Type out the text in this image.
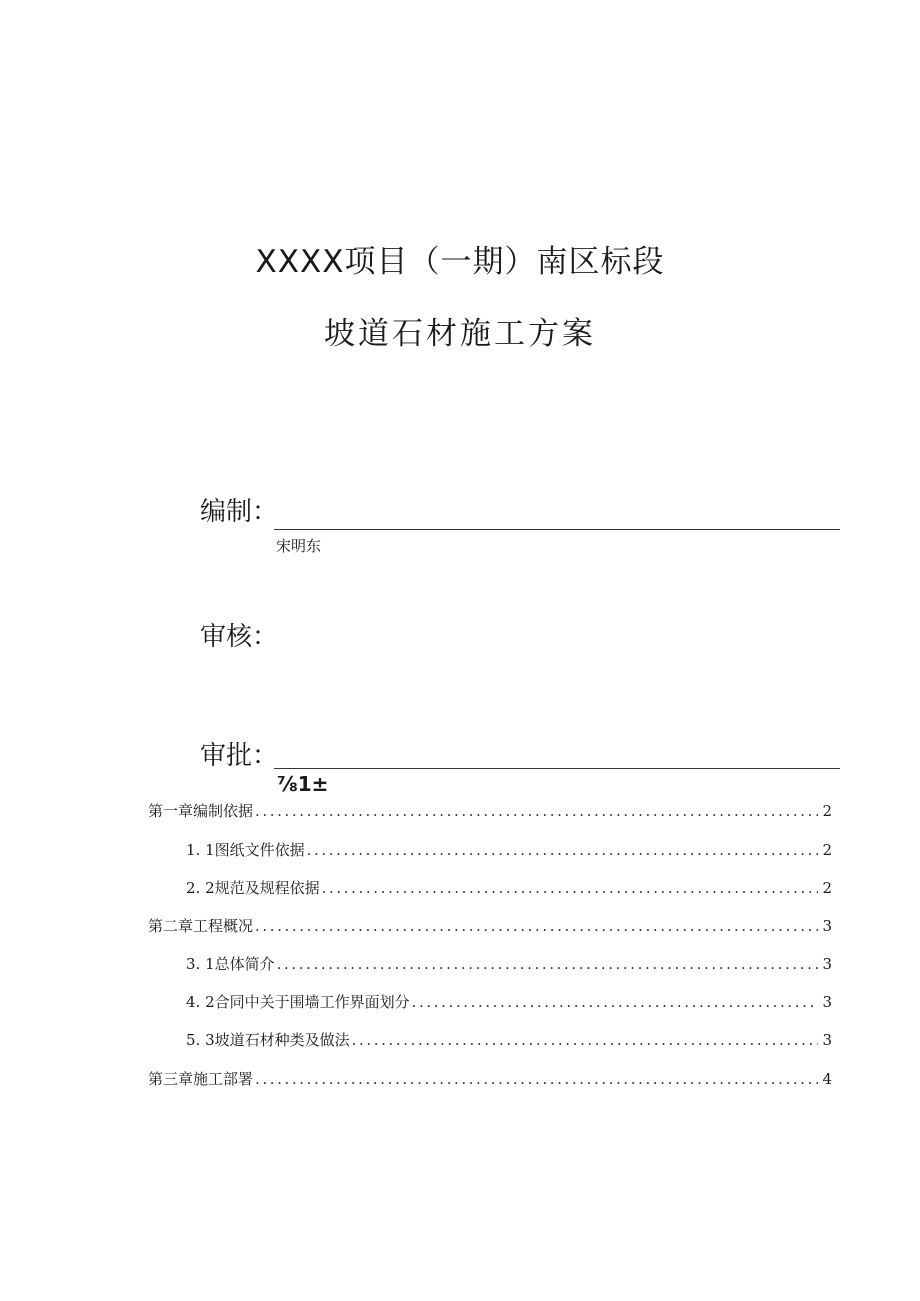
XXXX项目（一期）南区标段
坡道石材施工方案
编制：
宋明东
审核：
审批：
⅞1±
第一章编制依据 .....	2
1. 1图纸文件依据 .....	2
2. 2规范及规程依据 .....	2
第二章工程概况 .....	3
3. 1总体简介 .....	3
4. 2合同中关于围墙工作界面划分 .....	3
5. 3坡道石材种类及做法 .....	3
第三章施工部署 .....	4
